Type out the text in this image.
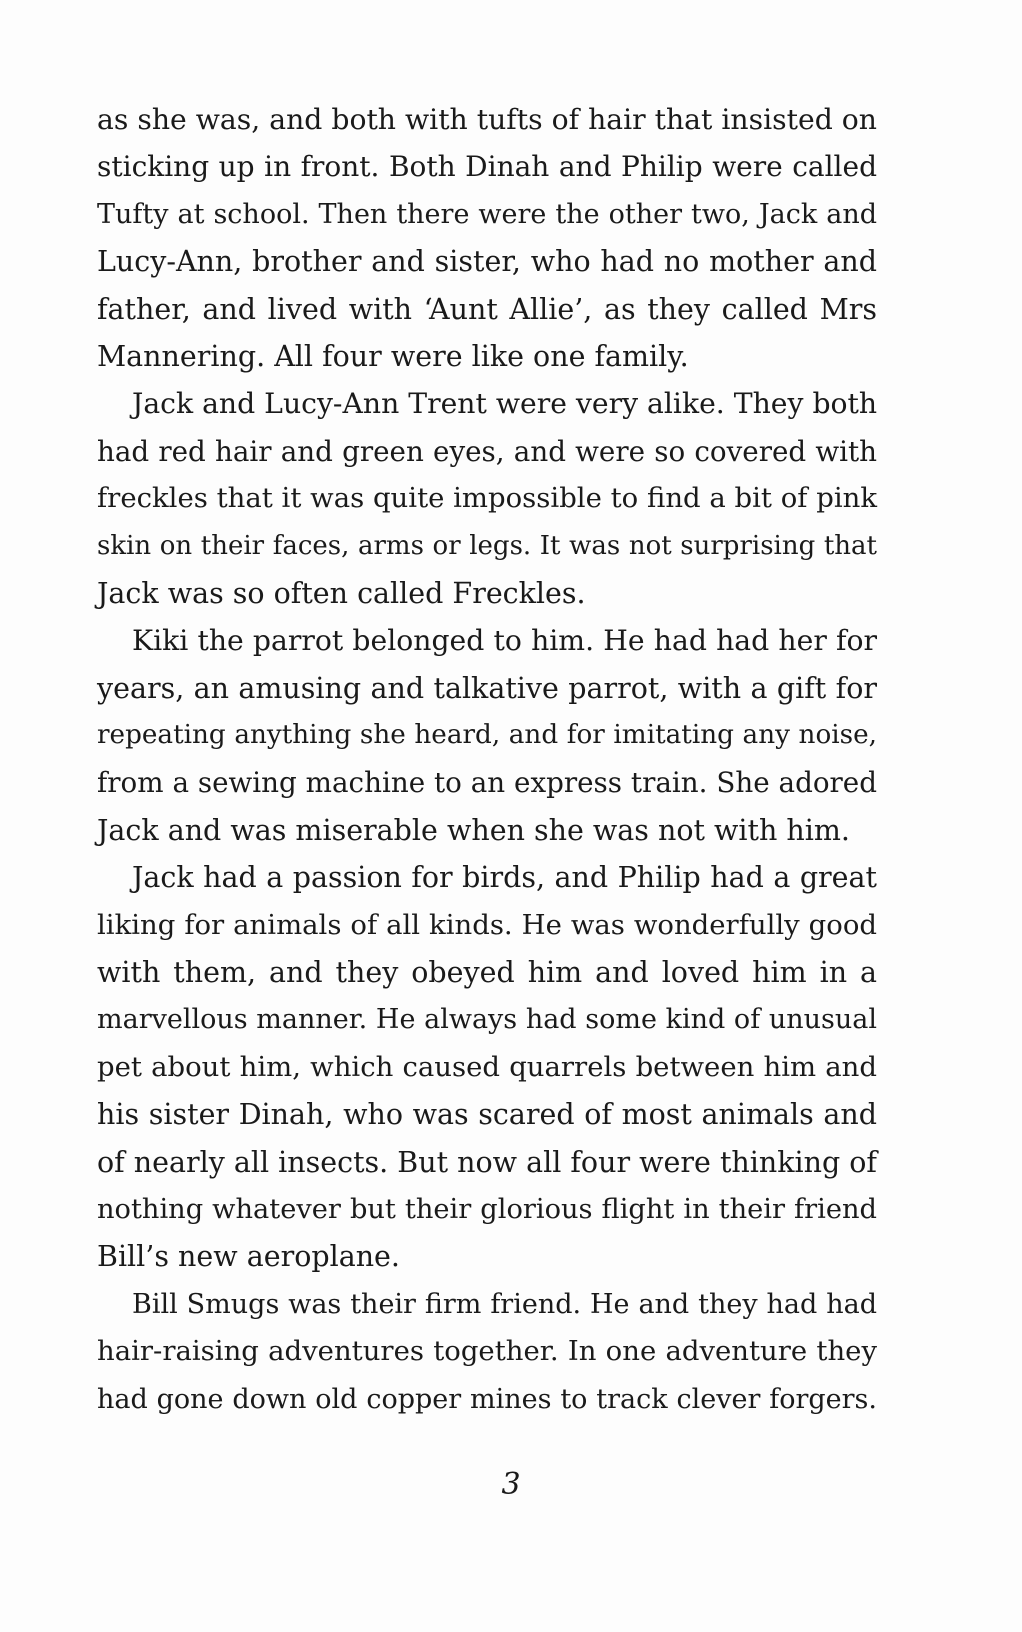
as she was, and both with tufts of hair that insisted on
sticking up in front. Both Dinah and Philip were called
Tufty at school. Then there were the other two, Jack and
Lucy-Ann, brother and sister, who had no mother and
father, and lived with ‘Aunt Allie’, as they called Mrs
Mannering. All four were like one family.
Jack and Lucy-Ann Trent were very alike. They both
had red hair and green eyes, and were so covered with
freckles that it was quite impossible to find a bit of pink
skin on their faces, arms or legs. It was not surprising that
Jack was so often called Freckles.
Kiki the parrot belonged to him. He had had her for
years, an amusing and talkative parrot, with a gift for
repeating anything she heard, and for imitating any noise,
from a sewing machine to an express train. She adored
Jack and was miserable when she was not with him.
Jack had a passion for birds, and Philip had a great
liking for animals of all kinds. He was wonderfully good
with them, and they obeyed him and loved him in a
marvellous manner. He always had some kind of unusual
pet about him, which caused quarrels between him and
his sister Dinah, who was scared of most animals and
of nearly all insects. But now all four were thinking of
nothing whatever but their glorious flight in their friend
Bill’s new aeroplane.
Bill Smugs was their firm friend. He and they had had
hair-raising adventures together. In one adventure they
had gone down old copper mines to track clever forgers.
3
